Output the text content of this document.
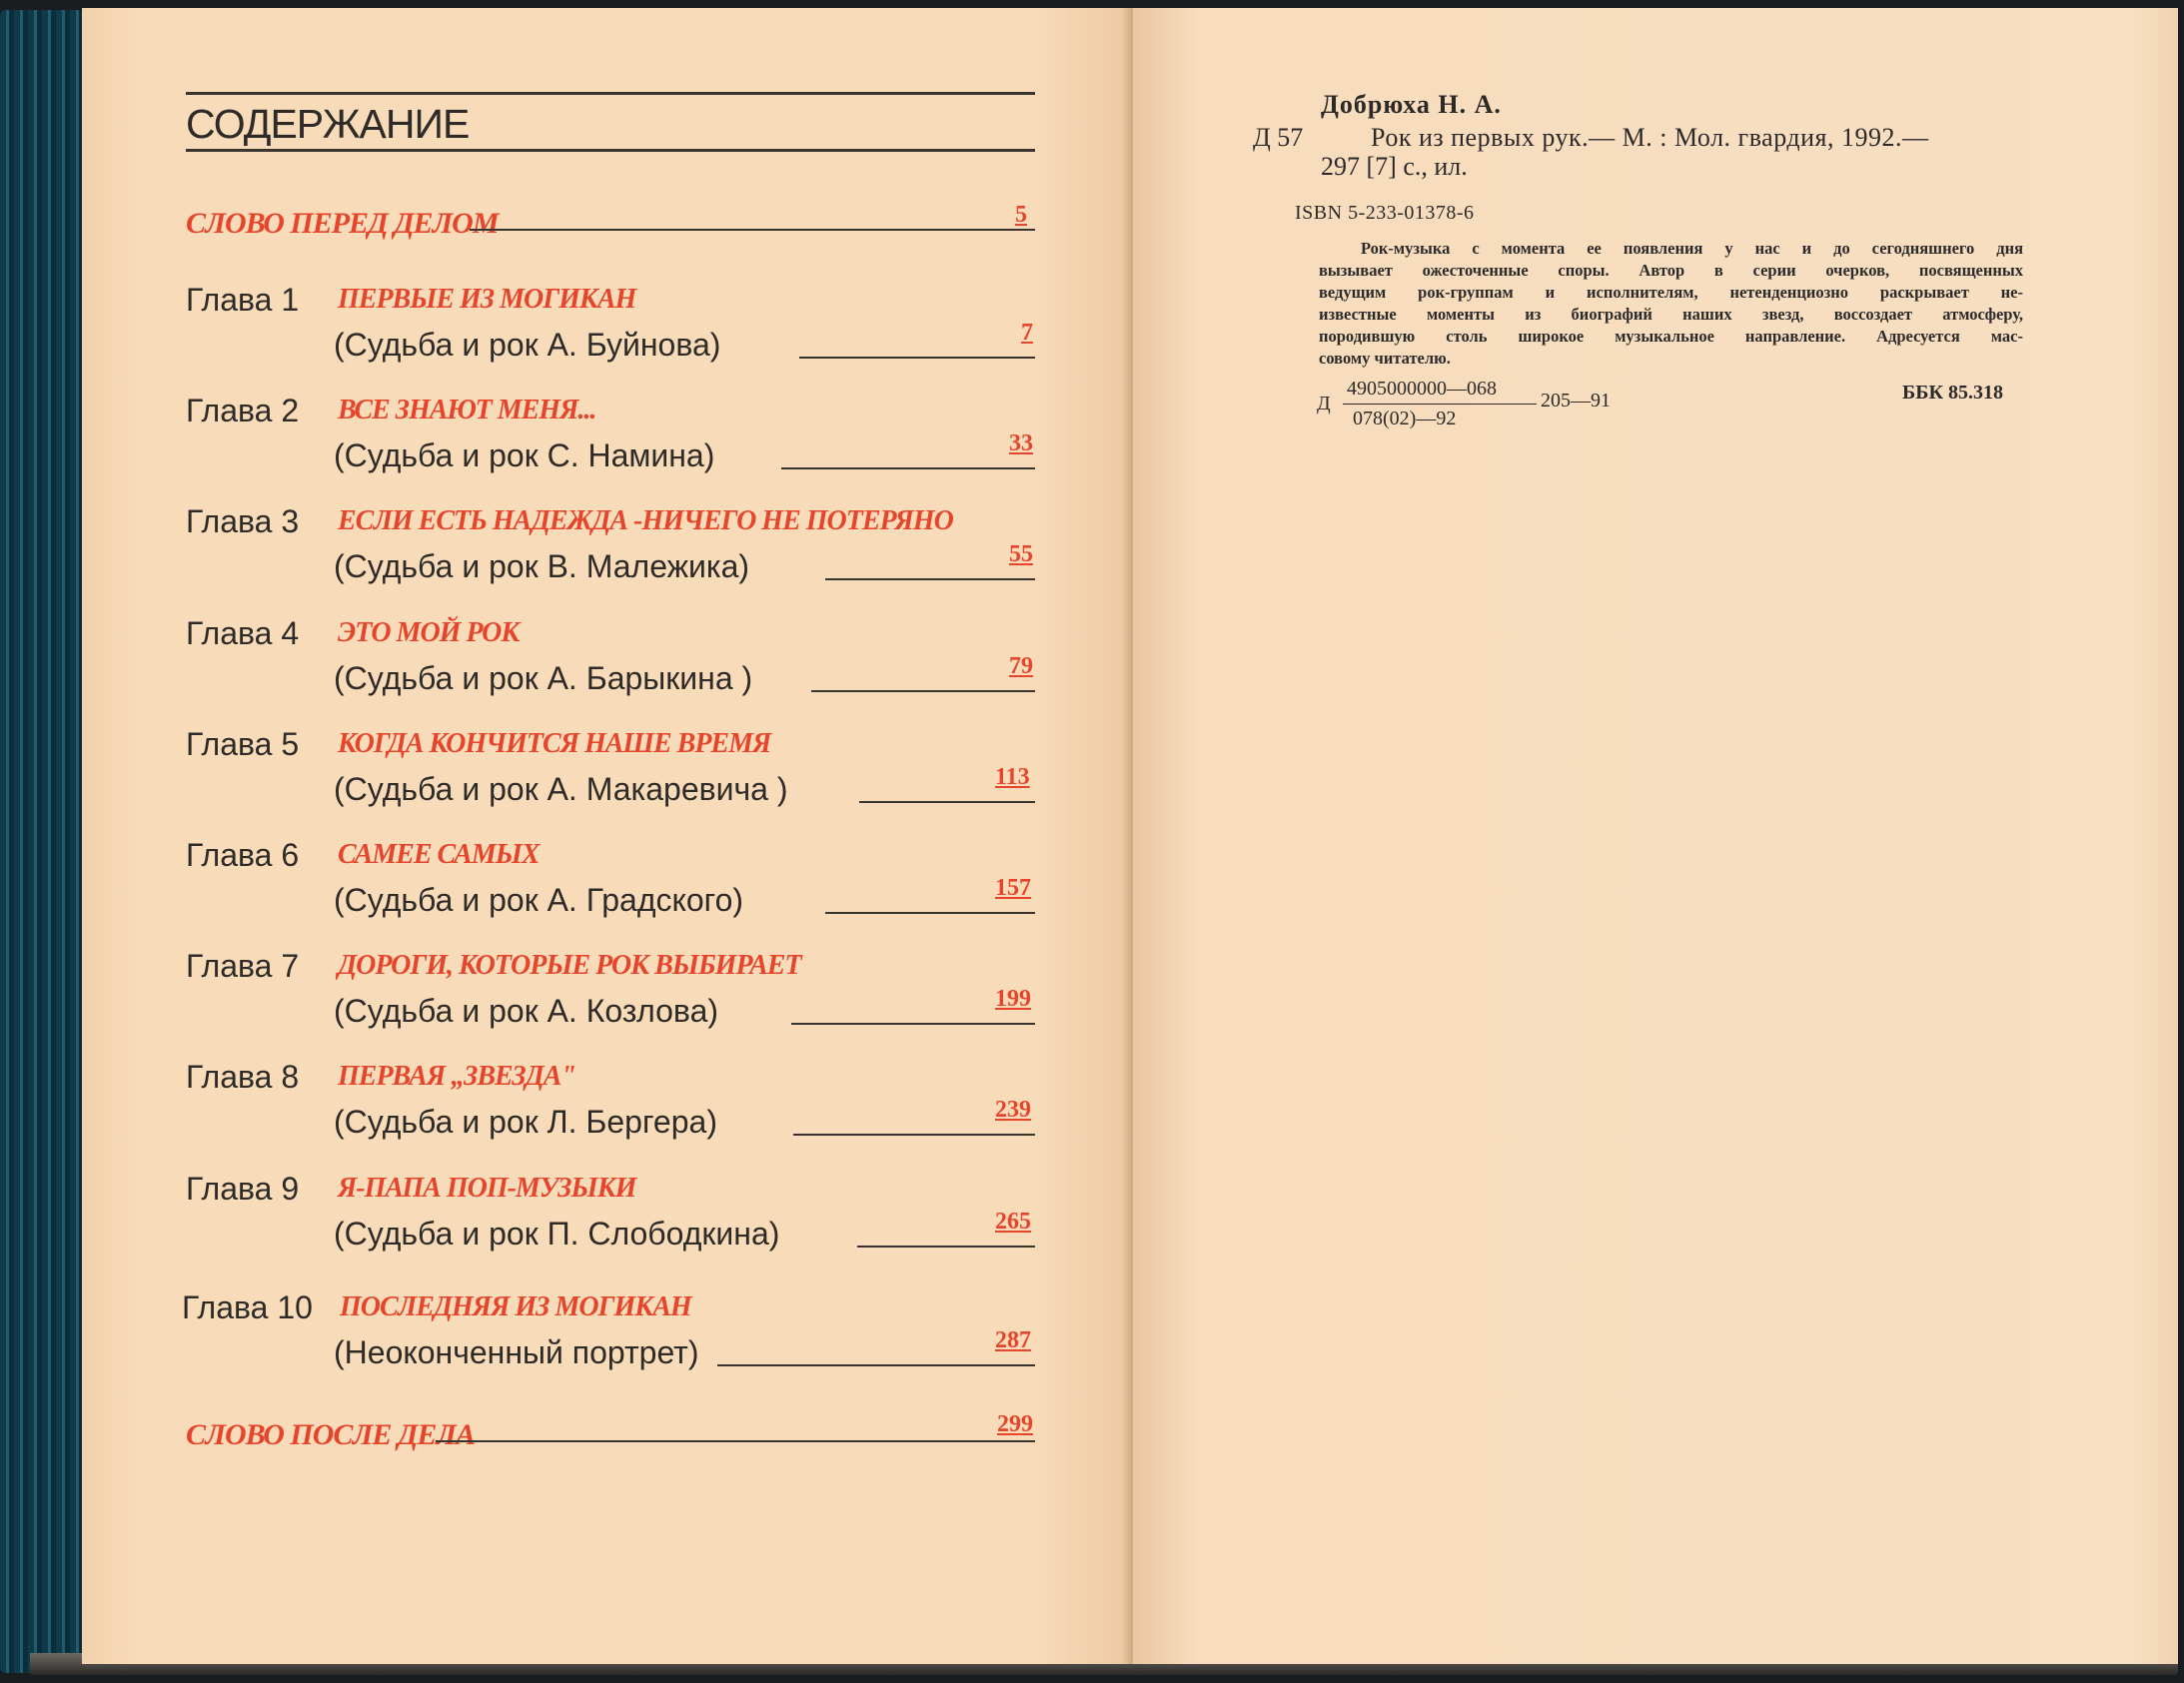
СОДЕРЖАНИЕ
СЛОВО ПЕРЕД ДЕЛОМ	5
Глава 1 ПЕРВЫЕ ИЗ МОГИКАН
(Судьба и рок А. Буйнова)	7
Глава 2 ВСЕ ЗНАЮТ МЕНЯ...
(Судьба и рок С. Намина)	33
Глава 3 ЕСЛИ ЕСТЬ НАДЕЖДА -НИЧЕГО НЕ ПОТЕРЯНО
(Судьба и рок В. Малежика)	55
Глава 4 ЭТО МОЙ РОК
(Судьба и рок А. Барыкина )	79
Глава 5 КОГДА КОНЧИТСЯ НАШЕ ВРЕМЯ
(Судьба и рок А. Макаревича )	113
Глава 6 САМЕЕ САМЫХ
(Судьба и рок А. Градского)	157
Глава 7 ДОРОГИ, КОТОРЫЕ РОК ВЫБИРАЕТ
(Судьба и рок А. Козлова)	199
Глава 8 ПЕРВАЯ „ЗВЕЗДА"
(Судьба и рок Л. Бергера)	239
Глава 9 Я-ПАПА ПОП-МУЗЫКИ
(Судьба и рок П. Слободкина)	265
Глава 10 ПОСЛЕДНЯЯ ИЗ МОГИКАН
(Неоконченный портрет)	287
СЛОВО ПОСЛЕ ДЕЛА	299
Добрюха Н. А.
Д 57	Рок из первых рук.— М. : Мол. гвардия, 1992.—
297 [7] с., ил.
ISBN 5-233-01378-6
Рок-музыка с момента ее появления у нас и до сегодняшнего дня
вызывает ожесточенные споры. Автор в серии очерков, посвященных
ведущим рок-группам и исполнителям, нетенденциозно раскрывает не-
известные моменты из биографий наших звезд, воссоздает атмосферу,
породившую столь широкое музыкальное направление. Адресуется мас-
совому читателю.
Д
4905000000—068
078(02)—92
205—91	ББК 85.318
